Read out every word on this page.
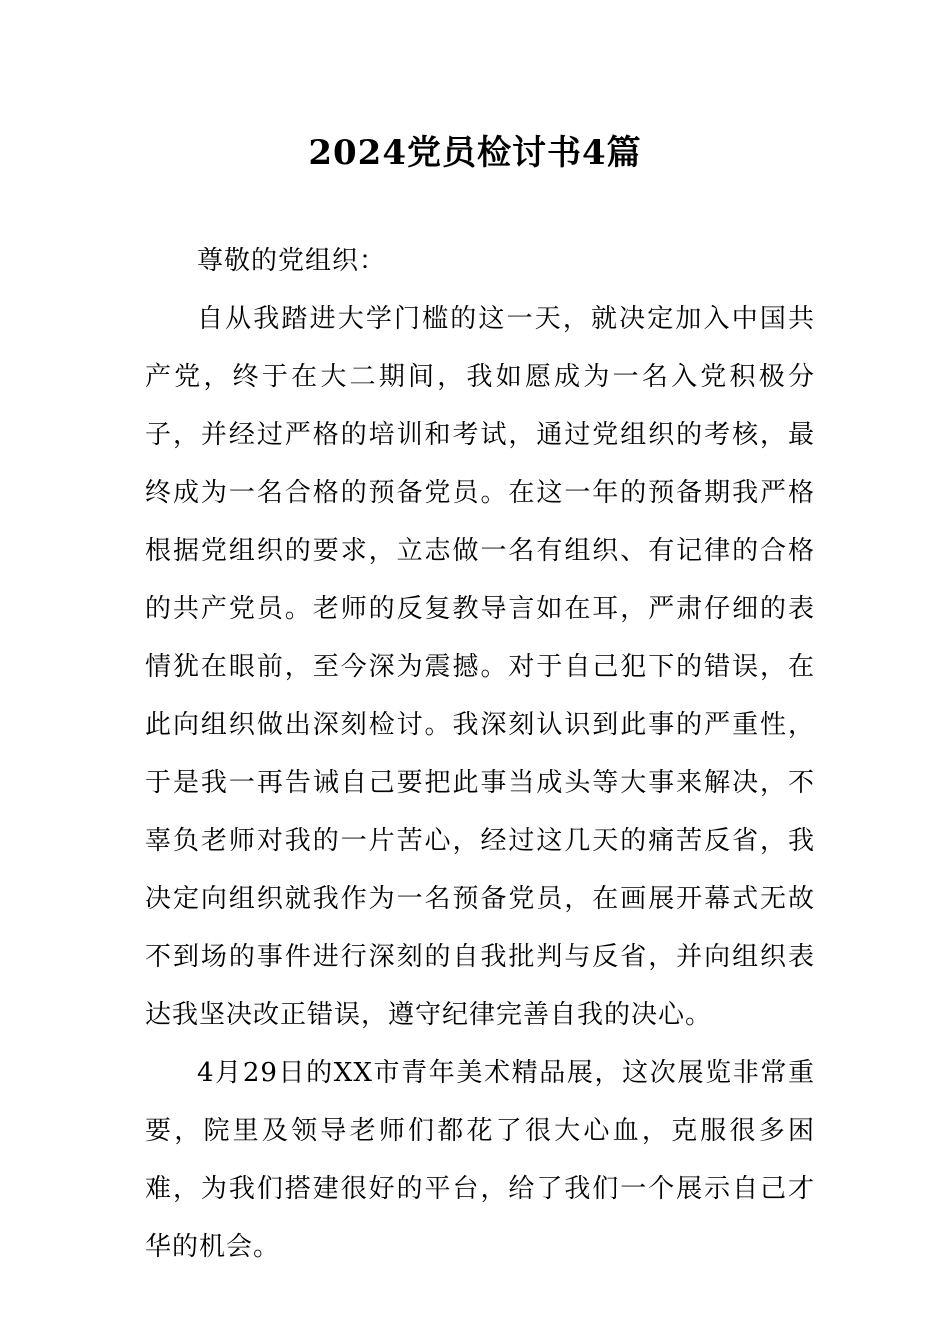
2024党员检讨书4篇

尊敬的党组织：

自从我踏进大学门槛的这一天，就决定加入中国共产党，终于在大二期间，我如愿成为一名入党积极分子，并经过严格的培训和考试，通过党组织的考核，最终成为一名合格的预备党员。在这一年的预备期我严格根据党组织的要求，立志做一名有组织、有记律的合格的共产党员。老师的反复教导言如在耳，严肃仔细的表情犹在眼前，至今深为震撼。对于自己犯下的错误，在此向组织做出深刻检讨。我深刻认识到此事的严重性，于是我一再告诫自己要把此事当成头等大事来解决，不辜负老师对我的一片苦心，经过这几天的痛苦反省，我决定向组织就我作为一名预备党员，在画展开幕式无故不到场的事件进行深刻的自我批判与反省，并向组织表达我坚决改正错误，遵守纪律完善自我的决心。

4月29日的XX市青年美术精品展，这次展览非常重要，院里及领导老师们都花了很大心血，克服很多困难，为我们搭建很好的平台，给了我们一个展示自己才华的机会。
